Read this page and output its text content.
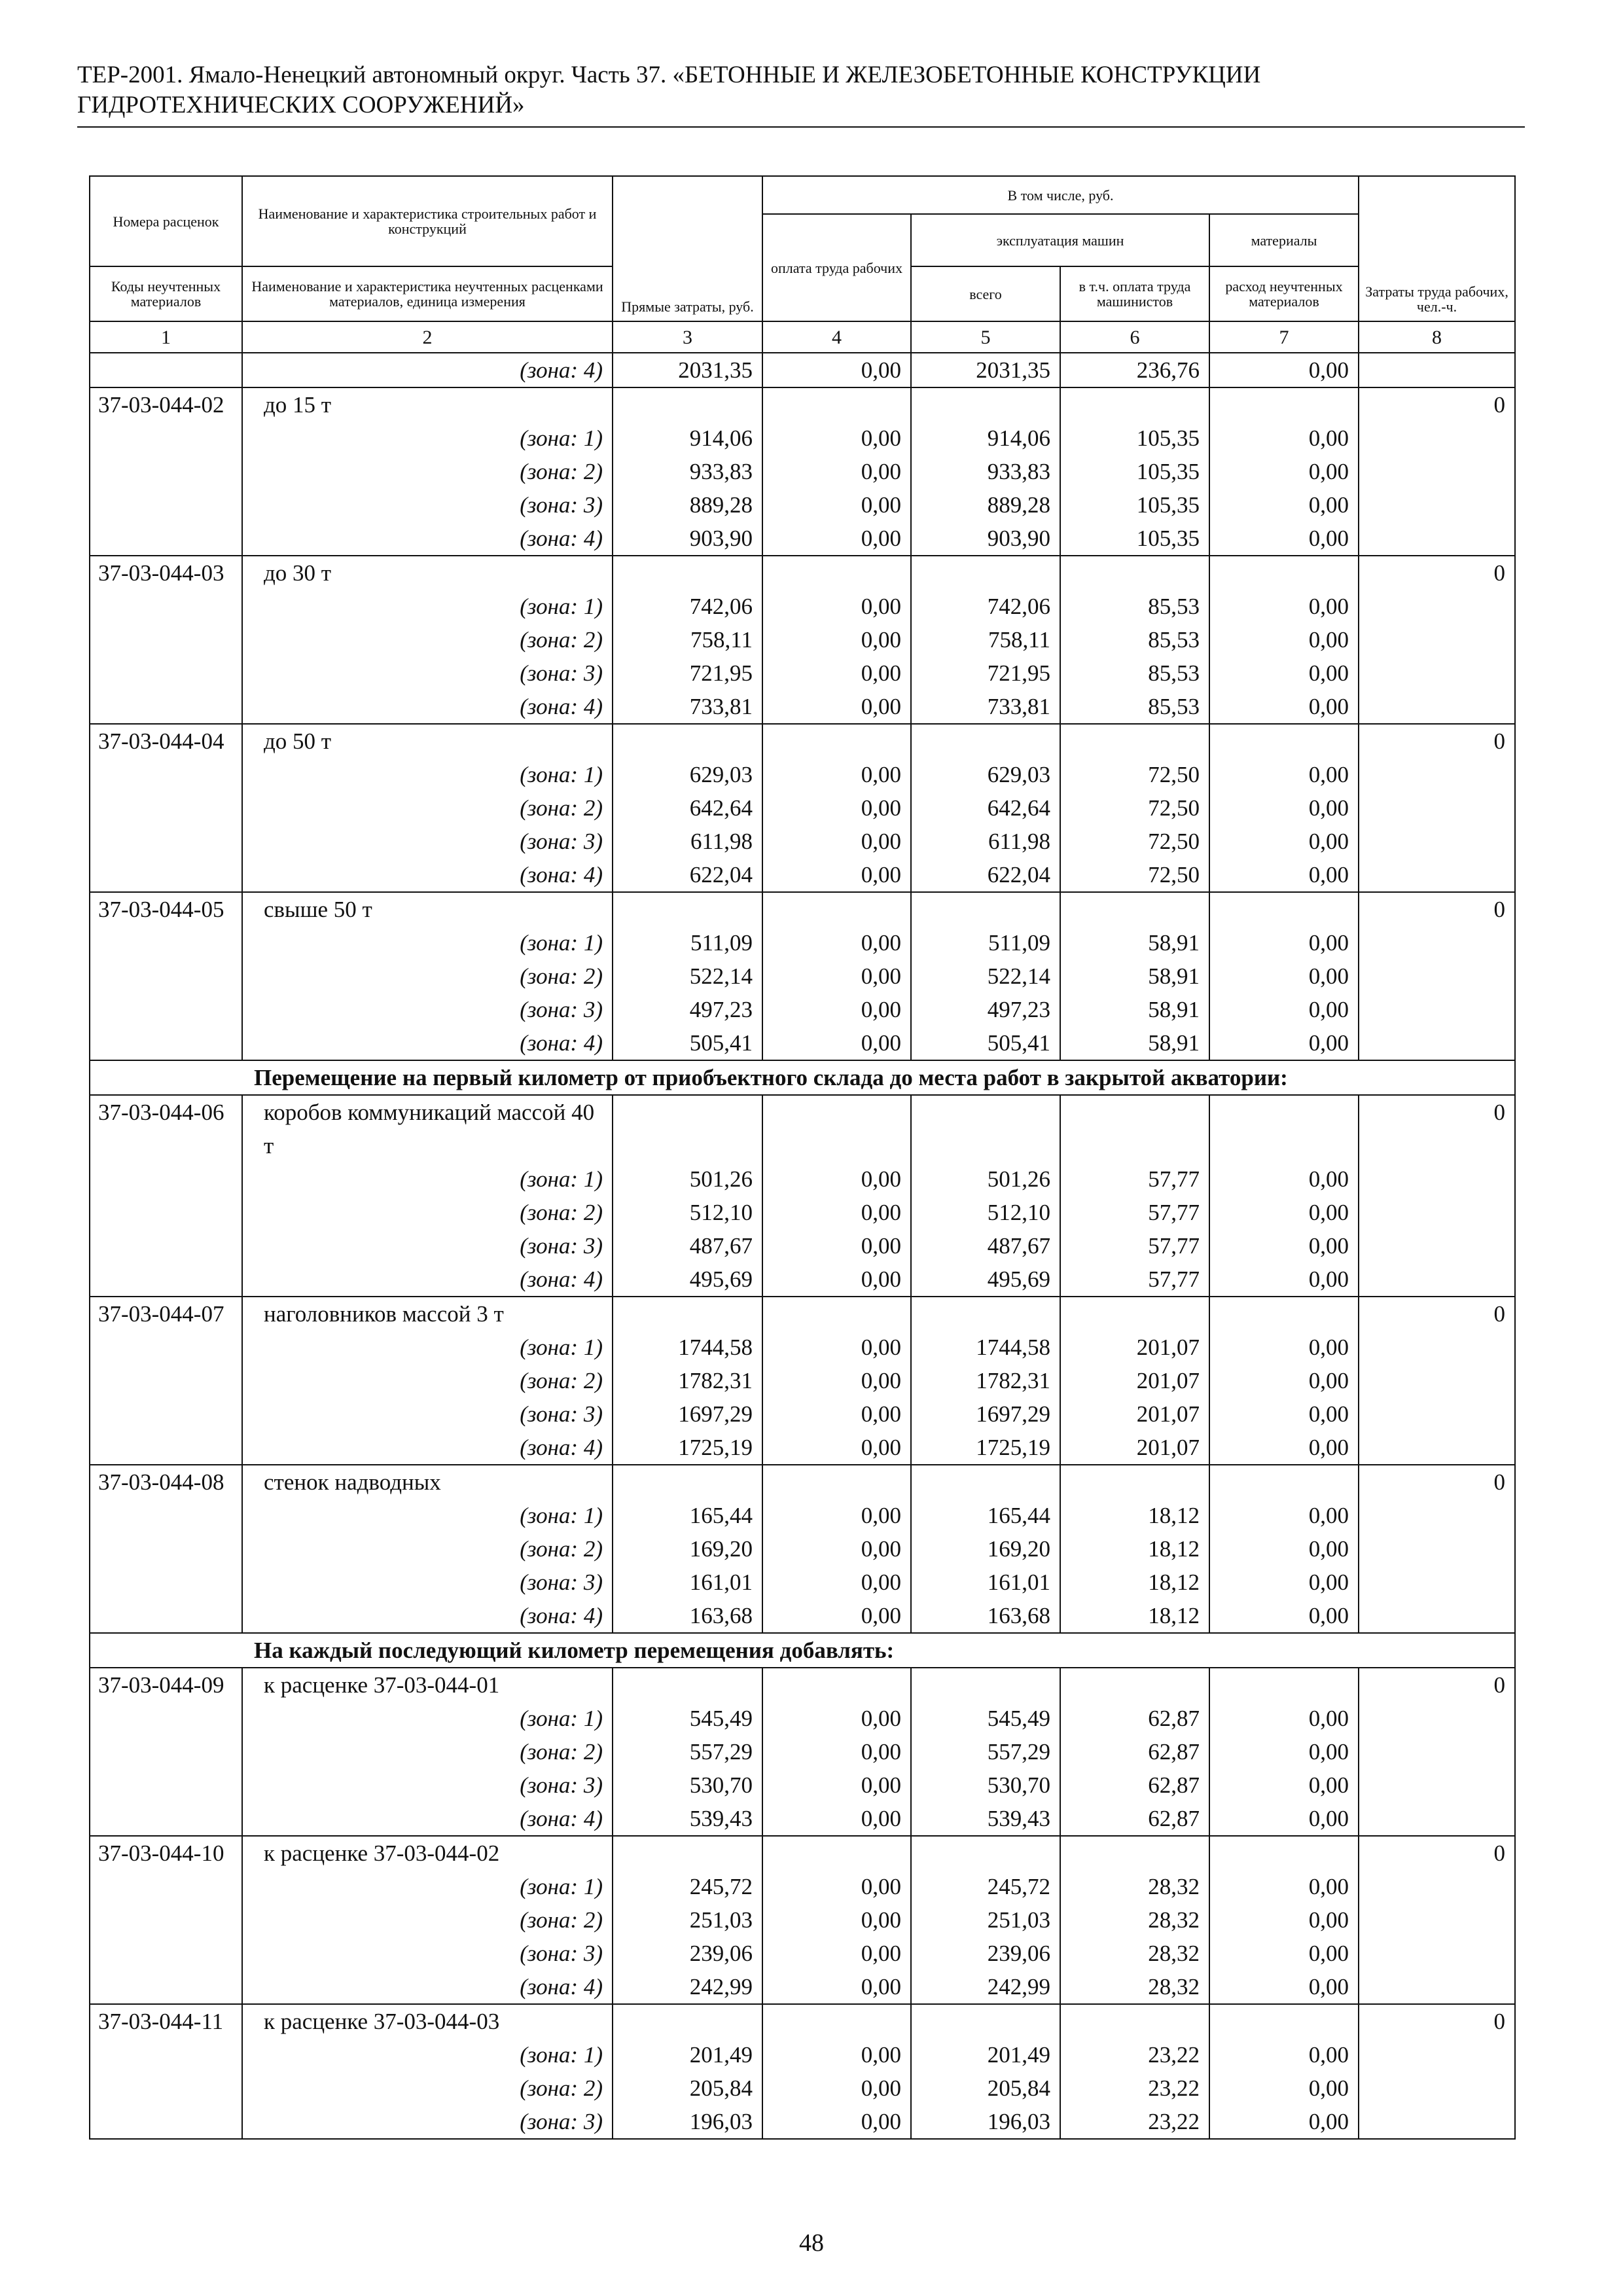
ТЕР-2001. Ямало-Ненецкий автономный округ. Часть 37. «БЕТОННЫЕ И ЖЕЛЕЗОБЕТОННЫЕ КОНСТРУКЦИИ
ГИДРОТЕХНИЧЕСКИХ СООРУЖЕНИЙ»
Номера расценок	Наименование и характеристика строительных работ и конструкций	Прямые затраты, руб.	В том числе, руб.				Затраты труда рабочих, чел.-ч.
			оплата труда рабочих	эксплуатация машин		материалы	
Коды неучтенных материалов	Наименование и характеристика неучтенных расценками материалов, единица измерения			всего	в т.ч. оплата труда машинистов	расход неучтенных материалов	
1	2	3	4	5	6	7	8
	(зона: 4)	2031,35	0,00	2031,35	236,76	0,00	
37-03-044-02	до 15 т						0
	(зона: 1)	914,06	0,00	914,06	105,35	0,00	
	(зона: 2)	933,83	0,00	933,83	105,35	0,00	
	(зона: 3)	889,28	0,00	889,28	105,35	0,00	
	(зона: 4)	903,90	0,00	903,90	105,35	0,00	
37-03-044-03	до 30 т						0
	(зона: 1)	742,06	0,00	742,06	85,53	0,00	
	(зона: 2)	758,11	0,00	758,11	85,53	0,00	
	(зона: 3)	721,95	0,00	721,95	85,53	0,00	
	(зона: 4)	733,81	0,00	733,81	85,53	0,00	
37-03-044-04	до 50 т						0
	(зона: 1)	629,03	0,00	629,03	72,50	0,00	
	(зона: 2)	642,64	0,00	642,64	72,50	0,00	
	(зона: 3)	611,98	0,00	611,98	72,50	0,00	
	(зона: 4)	622,04	0,00	622,04	72,50	0,00	
37-03-044-05	свыше 50 т						0
	(зона: 1)	511,09	0,00	511,09	58,91	0,00	
	(зона: 2)	522,14	0,00	522,14	58,91	0,00	
	(зона: 3)	497,23	0,00	497,23	58,91	0,00	
	(зона: 4)	505,41	0,00	505,41	58,91	0,00	
Перемещение на первый километр от приобъектного склада до места работ в закрытой акватории:							
37-03-044-06	коробов коммуникаций массой 40 т						0
	(зона: 1)	501,26	0,00	501,26	57,77	0,00	
	(зона: 2)	512,10	0,00	512,10	57,77	0,00	
	(зона: 3)	487,67	0,00	487,67	57,77	0,00	
	(зона: 4)	495,69	0,00	495,69	57,77	0,00	
37-03-044-07	наголовников массой 3 т						0
	(зона: 1)	1744,58	0,00	1744,58	201,07	0,00	
	(зона: 2)	1782,31	0,00	1782,31	201,07	0,00	
	(зона: 3)	1697,29	0,00	1697,29	201,07	0,00	
	(зона: 4)	1725,19	0,00	1725,19	201,07	0,00	
37-03-044-08	стенок надводных						0
	(зона: 1)	165,44	0,00	165,44	18,12	0,00	
	(зона: 2)	169,20	0,00	169,20	18,12	0,00	
	(зона: 3)	161,01	0,00	161,01	18,12	0,00	
	(зона: 4)	163,68	0,00	163,68	18,12	0,00	
На каждый последующий километр перемещения добавлять:							
37-03-044-09	к расценке 37-03-044-01						0
	(зона: 1)	545,49	0,00	545,49	62,87	0,00	
	(зона: 2)	557,29	0,00	557,29	62,87	0,00	
	(зона: 3)	530,70	0,00	530,70	62,87	0,00	
	(зона: 4)	539,43	0,00	539,43	62,87	0,00	
37-03-044-10	к расценке 37-03-044-02						0
	(зона: 1)	245,72	0,00	245,72	28,32	0,00	
	(зона: 2)	251,03	0,00	251,03	28,32	0,00	
	(зона: 3)	239,06	0,00	239,06	28,32	0,00	
	(зона: 4)	242,99	0,00	242,99	28,32	0,00	
37-03-044-11	к расценке 37-03-044-03						0
	(зона: 1)	201,49	0,00	201,49	23,22	0,00	
	(зона: 2)	205,84	0,00	205,84	23,22	0,00	
	(зона: 3)	196,03	0,00	196,03	23,22	0,00	
48
